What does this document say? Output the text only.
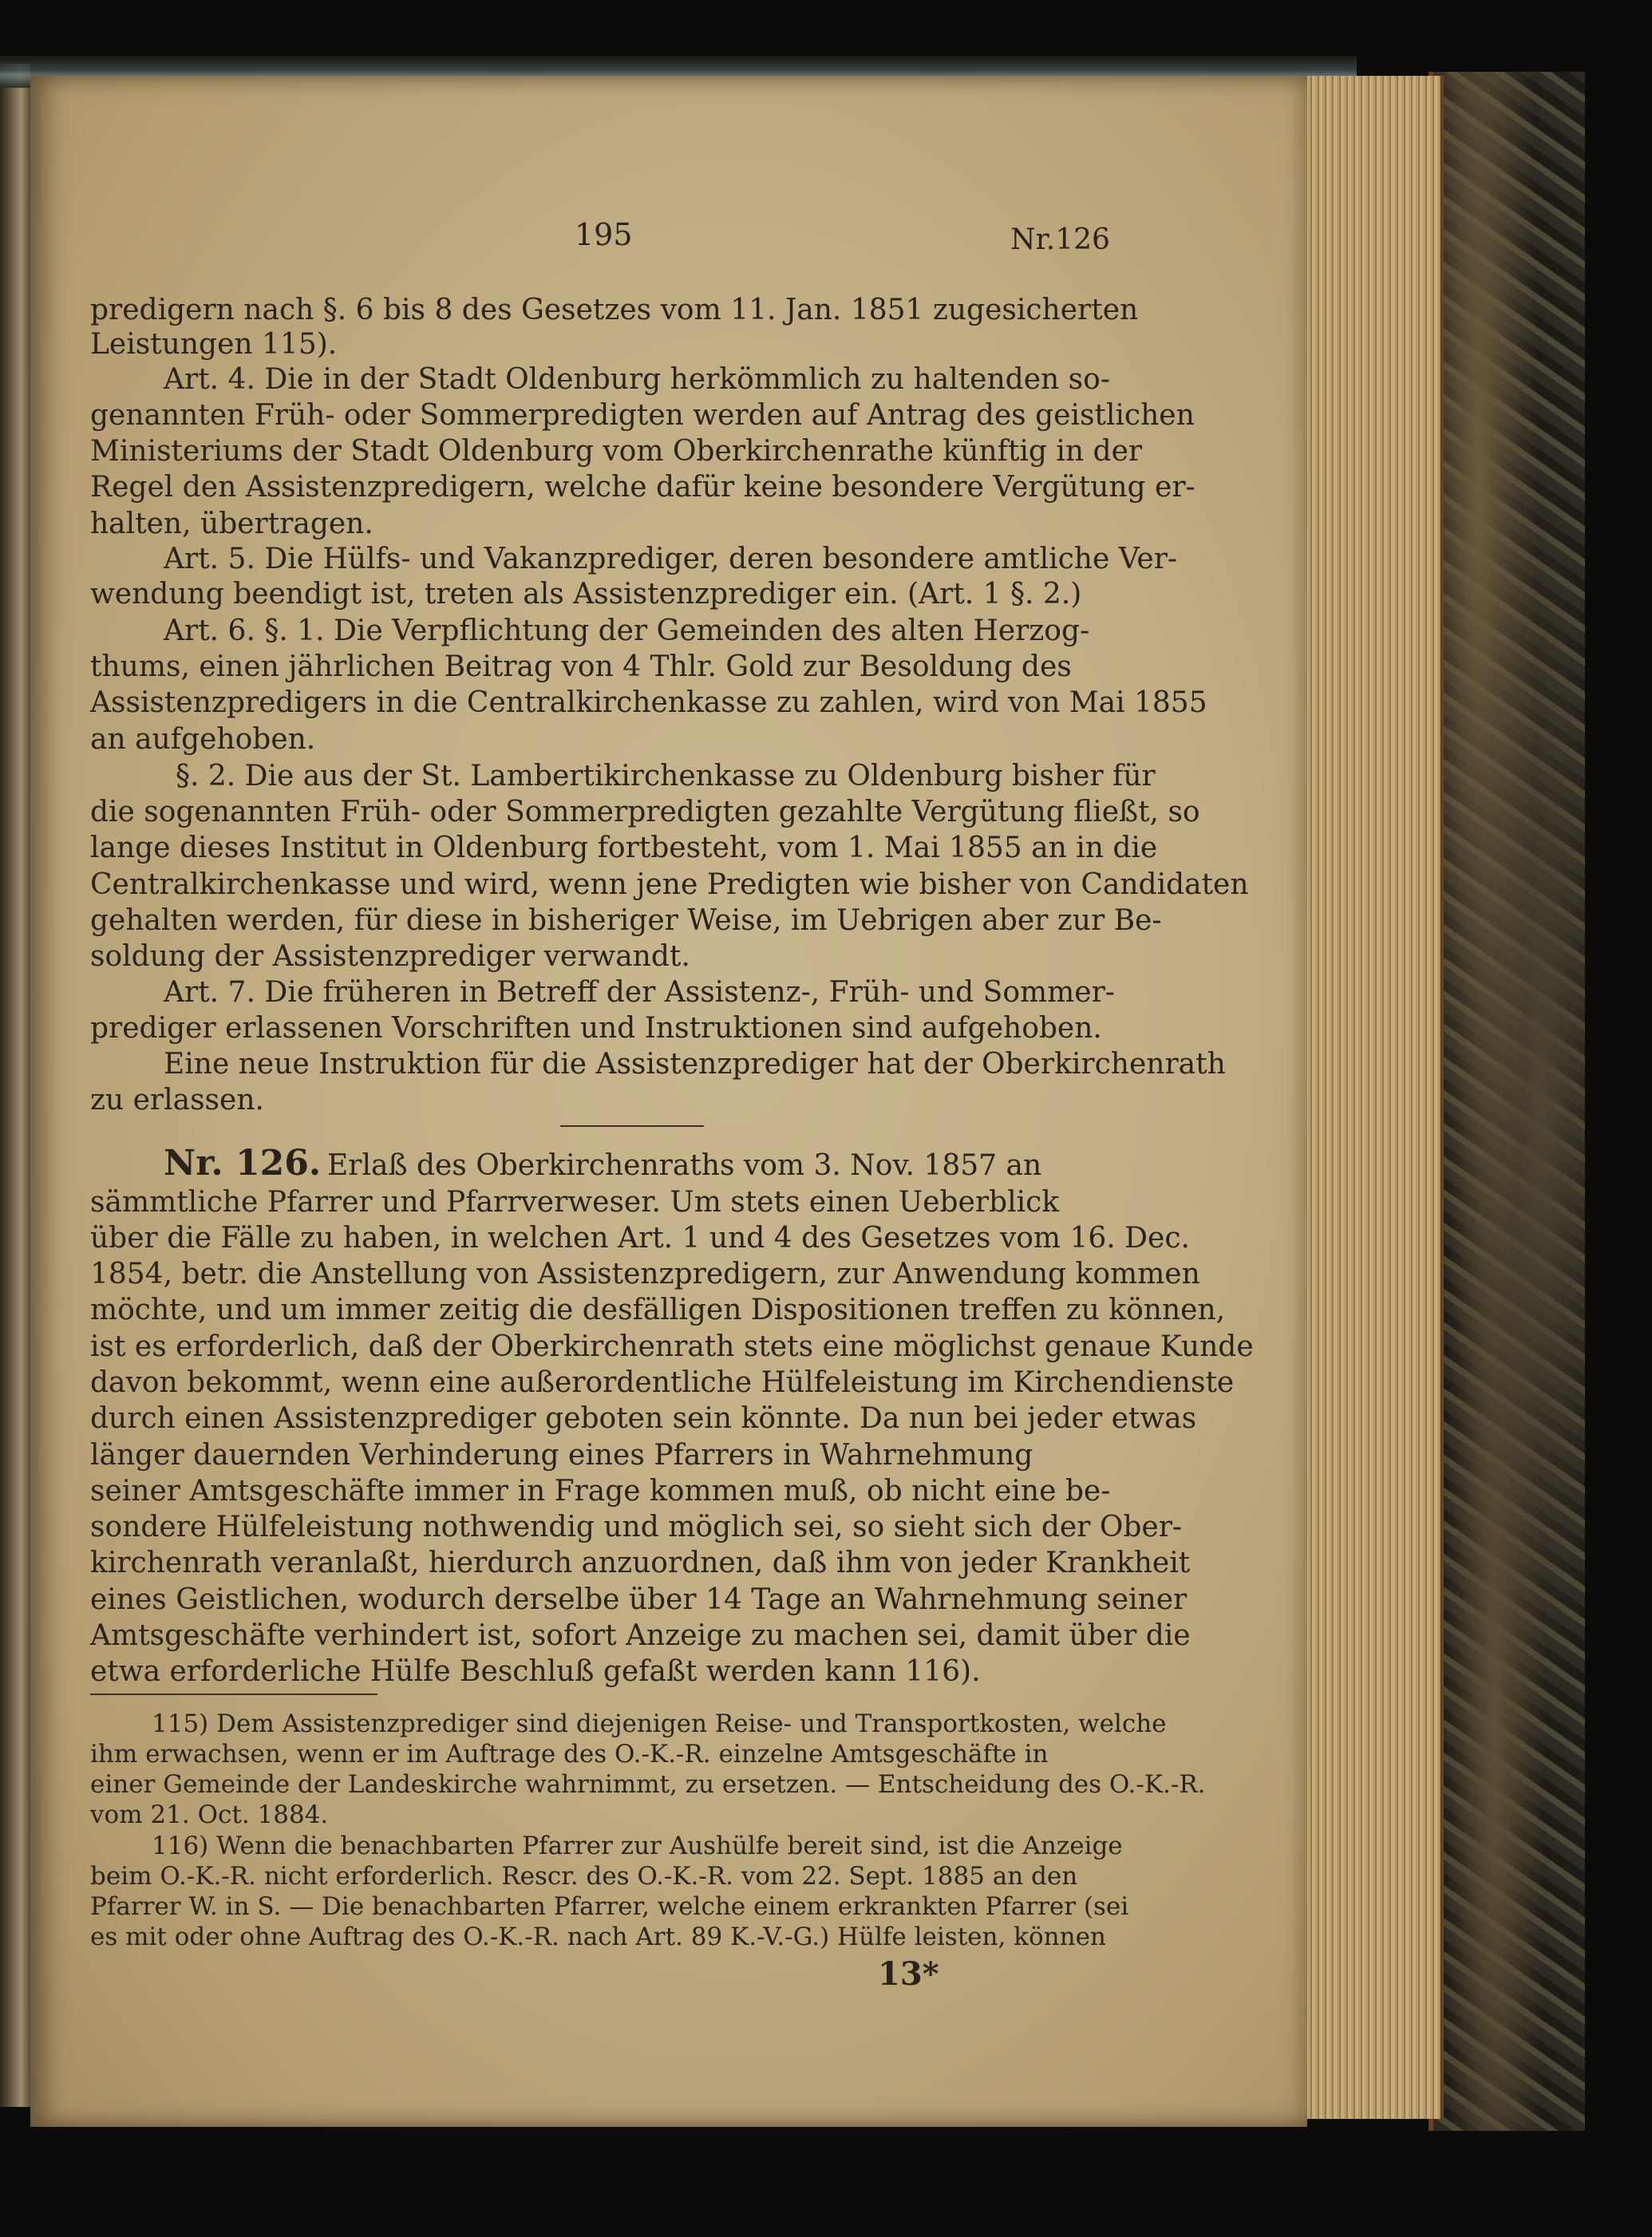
195	Nr.126
predigern nach §. 6 bis 8 des Gesetzes vom 11. Jan. 1851 zugesicherten
Leistungen 115).
Art. 4. Die in der Stadt Oldenburg herkömmlich zu haltenden so-
genannten Früh- oder Sommerpredigten werden auf Antrag des geistlichen
Ministeriums der Stadt Oldenburg vom Oberkirchenrathe künftig in der
Regel den Assistenzpredigern, welche dafür keine besondere Vergütung er-
halten, übertragen.
Art. 5. Die Hülfs- und Vakanzprediger, deren besondere amtliche Ver-
wendung beendigt ist, treten als Assistenzprediger ein. (Art. 1 §. 2.)
Art. 6. §. 1. Die Verpflichtung der Gemeinden des alten Herzog-
thums, einen jährlichen Beitrag von 4 Thlr. Gold zur Besoldung des
Assistenzpredigers in die Centralkirchenkasse zu zahlen, wird von Mai 1855
an aufgehoben.
§. 2. Die aus der St. Lambertikirchenkasse zu Oldenburg bisher für
die sogenannten Früh- oder Sommerpredigten gezahlte Vergütung fließt, so
lange dieses Institut in Oldenburg fortbesteht, vom 1. Mai 1855 an in die
Centralkirchenkasse und wird, wenn jene Predigten wie bisher von Candidaten
gehalten werden, für diese in bisheriger Weise, im Uebrigen aber zur Be-
soldung der Assistenzprediger verwandt.
Art. 7. Die früheren in Betreff der Assistenz-, Früh- und Sommer-
prediger erlassenen Vorschriften und Instruktionen sind aufgehoben.
Eine neue Instruktion für die Assistenzprediger hat der Oberkirchenrath
zu erlassen.
Nr. 126. Erlaß des Oberkirchenraths vom 3. Nov. 1857 an
sämmtliche Pfarrer und Pfarrverweser. Um stets einen Ueberblick
über die Fälle zu haben, in welchen Art. 1 und 4 des Gesetzes vom 16. Dec.
1854, betr. die Anstellung von Assistenzpredigern, zur Anwendung kommen
möchte, und um immer zeitig die desfälligen Dispositionen treffen zu können,
ist es erforderlich, daß der Oberkirchenrath stets eine möglichst genaue Kunde
davon bekommt, wenn eine außerordentliche Hülfeleistung im Kirchendienste
durch einen Assistenzprediger geboten sein könnte. Da nun bei jeder etwas
länger dauernden Verhinderung eines Pfarrers in Wahrnehmung
seiner Amtsgeschäfte immer in Frage kommen muß, ob nicht eine be-
sondere Hülfeleistung nothwendig und möglich sei, so sieht sich der Ober-
kirchenrath veranlaßt, hierdurch anzuordnen, daß ihm von jeder Krankheit
eines Geistlichen, wodurch derselbe über 14 Tage an Wahrnehmung seiner
Amtsgeschäfte verhindert ist, sofort Anzeige zu machen sei, damit über die
etwa erforderliche Hülfe Beschluß gefaßt werden kann 116).
115) Dem Assistenzprediger sind diejenigen Reise- und Transportkosten, welche
ihm erwachsen, wenn er im Auftrage des O.-K.-R. einzelne Amtsgeschäfte in
einer Gemeinde der Landeskirche wahrnimmt, zu ersetzen. — Entscheidung des O.-K.-R.
vom 21. Oct. 1884.
116) Wenn die benachbarten Pfarrer zur Aushülfe bereit sind, ist die Anzeige
beim O.-K.-R. nicht erforderlich. Rescr. des O.-K.-R. vom 22. Sept. 1885 an den
Pfarrer W. in S. — Die benachbarten Pfarrer, welche einem erkrankten Pfarrer (sei
es mit oder ohne Auftrag des O.-K.-R. nach Art. 89 K.-V.-G.) Hülfe leisten, können
13*
